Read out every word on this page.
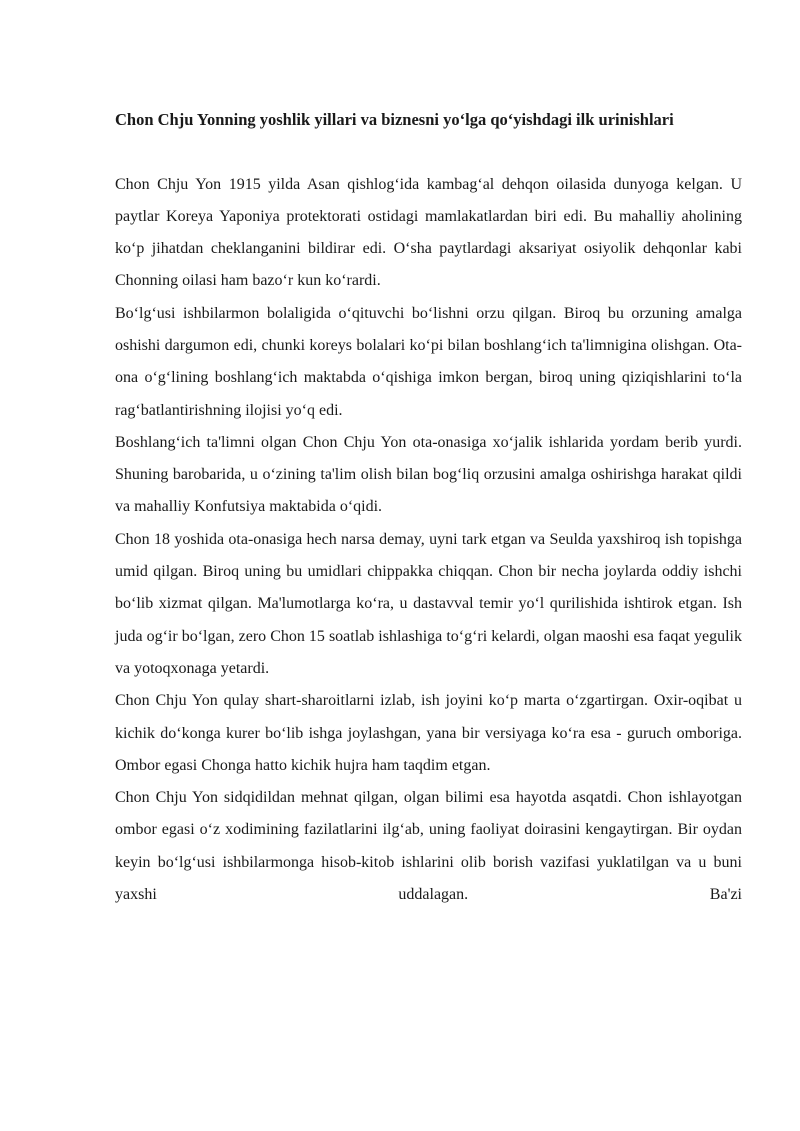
Chon Chju Yonning yoshlik yillari va biznesni yo‘lga qo‘yishdagi ilk urinishlari

Chon Chju Yon 1915 yilda Asan qishlog‘ida kambag‘al dehqon oilasida dunyoga kelgan. U paytlar Koreya Yaponiya protektorati ostidagi mamlakatlardan biri edi. Bu mahalliy aholining ko‘p jihatdan cheklanganini bildirar edi. O‘sha paytlardagi aksariyat osiyolik dehqonlar kabi Chonning oilasi ham bazo‘r kun ko‘rardi.

Bo‘lg‘usi ishbilarmon bolaligida o‘qituvchi bo‘lishni orzu qilgan. Biroq bu orzuning amalga oshishi dargumon edi, chunki koreys bolalari ko‘pi bilan boshlang‘ich ta'limnigina olishgan. Ota-ona o‘g‘lining boshlang‘ich maktabda o‘qishiga imkon bergan, biroq uning qiziqishlarini to‘la rag‘batlantirishning ilojisi yo‘q edi.

Boshlang‘ich ta'limni olgan Chon Chju Yon ota-onasiga xo‘jalik ishlarida yordam berib yurdi. Shuning barobarida, u o‘zining ta'lim olish bilan bog‘liq orzusini amalga oshirishga harakat qildi va mahalliy Konfutsiya maktabida o‘qidi.

Chon 18 yoshida ota-onasiga hech narsa demay, uyni tark etgan va Seulda yaxshiroq ish topishga umid qilgan. Biroq uning bu umidlari chippakka chiqqan. Chon bir necha joylarda oddiy ishchi bo‘lib xizmat qilgan. Ma'lumotlarga ko‘ra, u dastavval temir yo‘l qurilishida ishtirok etgan. Ish juda og‘ir bo‘lgan, zero Chon 15 soatlab ishlashiga to‘g‘ri kelardi, olgan maoshi esa faqat yegulik va yotoqxonaga yetardi.

Chon Chju Yon qulay shart-sharoitlarni izlab, ish joyini ko‘p marta o‘zgartirgan. Oxir-oqibat u kichik do‘konga kurer bo‘lib ishga joylashgan, yana bir versiyaga ko‘ra esa - guruch omboriga. Ombor egasi Chonga hatto kichik hujra ham taqdim etgan.

Chon Chju Yon sidqidildan mehnat qilgan, olgan bilimi esa hayotda asqatdi. Chon ishlayotgan ombor egasi o‘z xodimining fazilatlarini ilg‘ab, uning faoliyat doirasini kengaytirgan. Bir oydan keyin bo‘lg‘usi ishbilarmonga hisob-kitob ishlarini olib borish vazifasi yuklatilgan va u buni yaxshi uddalagan. Ba'zi
